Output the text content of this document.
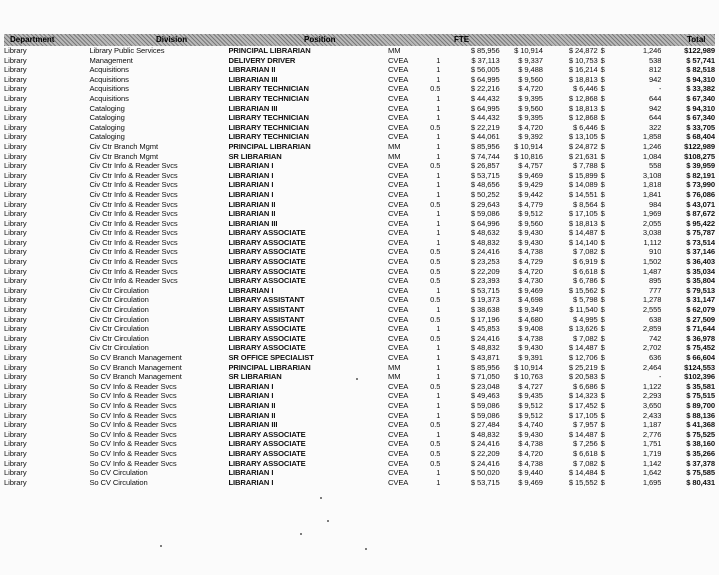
Department	Division	Position	FTE	Total
Library	Library Public Services	PRINCIPAL LIBRARIAN	MM			$ 85,956	$ 10,914	$ 24,872	$	1,246	$122,989
Library	Management	DELIVERY DRIVER	CVEA	1		$ 37,113	$ 9,337	$ 10,753	$	538	$ 57,741
Library	Acquisitions	LIBRARIAN II	CVEA	1		$ 56,005	$ 9,488	$ 16,214	$	812	$ 82,518
Library	Acquisitions	LIBRARIAN III	CVEA	1		$ 64,995	$ 9,560	$ 18,813	$	942	$ 94,310
Library	Acquisitions	LIBRARY TECHNICIAN	CVEA	0.5		$ 22,216	$ 4,720	$ 6,446	$	-	$ 33,382
Library	Acquisitions	LIBRARY TECHNICIAN	CVEA	1		$ 44,432	$ 9,395	$ 12,868	$	644	$ 67,340
Library	Cataloging	LIBRARIAN III	CVEA	1		$ 64,995	$ 9,560	$ 18,813	$	942	$ 94,310
Library	Cataloging	LIBRARY TECHNICIAN	CVEA	1		$ 44,432	$ 9,395	$ 12,868	$	644	$ 67,340
Library	Cataloging	LIBRARY TECHNICIAN	CVEA	0.5		$ 22,219	$ 4,720	$ 6,446	$	322	$ 33,705
Library	Cataloging	LIBRARY TECHNICIAN	CVEA	1		$ 44,061	$ 9,392	$ 13,105	$	1,858	$ 68,404
Library	Civ Ctr Branch Mgmt	PRINCIPAL LIBRARIAN	MM	1		$ 85,956	$ 10,914	$ 24,872	$	1,246	$122,989
Library	Civ Ctr Branch Mgmt	SR LIBRARIAN	MM	1		$ 74,744	$ 10,816	$ 21,631	$	1,084	$108,275
Library	Civ Ctr Info & Reader Svcs	LIBRARIAN I	CVEA	0.5		$ 26,857	$ 4,757	$ 7,788	$	558	$ 39,959
Library	Civ Ctr Info & Reader Svcs	LIBRARIAN I	CVEA	1		$ 53,715	$ 9,469	$ 15,899	$	3,108	$ 82,191
Library	Civ Ctr Info & Reader Svcs	LIBRARIAN I	CVEA	1		$ 48,656	$ 9,429	$ 14,089	$	1,818	$ 73,990
Library	Civ Ctr Info & Reader Svcs	LIBRARIAN I	CVEA	1		$ 50,252	$ 9,442	$ 14,551	$	1,841	$ 76,086
Library	Civ Ctr Info & Reader Svcs	LIBRARIAN II	CVEA	0.5		$ 29,643	$ 4,779	$ 8,564	$	984	$ 43,071
Library	Civ Ctr Info & Reader Svcs	LIBRARIAN II	CVEA	1		$ 59,086	$ 9,512	$ 17,105	$	1,969	$ 87,672
Library	Civ Ctr Info & Reader Svcs	LIBRARIAN III	CVEA	1		$ 64,996	$ 9,560	$ 18,813	$	2,055	$ 95,422
Library	Civ Ctr Info & Reader Svcs	LIBRARY ASSOCIATE	CVEA	1		$ 48,632	$ 9,430	$ 14,487	$	3,038	$ 75,787
Library	Civ Ctr Info & Reader Svcs	LIBRARY ASSOCIATE	CVEA	1		$ 48,832	$ 9,430	$ 14,140	$	1,112	$ 73,514
Library	Civ Ctr Info & Reader Svcs	LIBRARY ASSOCIATE	CVEA	0.5		$ 24,416	$ 4,738	$ 7,082	$	910	$ 37,146
Library	Civ Ctr Info & Reader Svcs	LIBRARY ASSOCIATE	CVEA	0.5		$ 23,253	$ 4,729	$ 6,919	$	1,502	$ 36,403
Library	Civ Ctr Info & Reader Svcs	LIBRARY ASSOCIATE	CVEA	0.5		$ 22,209	$ 4,720	$ 6,618	$	1,487	$ 35,034
Library	Civ Ctr Info & Reader Svcs	LIBRARY ASSOCIATE	CVEA	0.5		$ 23,393	$ 4,730	$ 6,786	$	895	$ 35,804
Library	Civ Ctr Circulation	LIBRARIAN I	CVEA	1		$ 53,715	$ 9,469	$ 15,562	$	777	$ 79,513
Library	Civ Ctr Circulation	LIBRARY ASSISTANT	CVEA	0.5		$ 19,373	$ 4,698	$ 5,798	$	1,278	$ 31,147
Library	Civ Ctr Circulation	LIBRARY ASSISTANT	CVEA	1		$ 38,638	$ 9,349	$ 11,540	$	2,555	$ 62,079
Library	Civ Ctr Circulation	LIBRARY ASSISTANT	CVEA	0.5		$ 17,196	$ 4,680	$ 4,995	$	638	$ 27,509
Library	Civ Ctr Circulation	LIBRARY ASSOCIATE	CVEA	1		$ 45,853	$ 9,408	$ 13,626	$	2,859	$ 71,644
Library	Civ Ctr Circulation	LIBRARY ASSOCIATE	CVEA	0.5		$ 24,416	$ 4,738	$ 7,082	$	742	$ 36,978
Library	Civ Ctr Circulation	LIBRARY ASSOCIATE	CVEA	1		$ 48,832	$ 9,430	$ 14,487	$	2,702	$ 75,452
Library	So CV Branch Management	SR OFFICE SPECIALIST	CVEA	1		$ 43,871	$ 9,391	$ 12,706	$	636	$ 66,604
Library	So CV Branch Management	PRINCIPAL LIBRARIAN	MM	1		$ 85,956	$ 10,914	$ 25,219	$	2,464	$124,553
Library	So CV Branch Management	SR LIBRARIAN	MM	1		$ 71,050	$ 10,763	$ 20,583	$	-	$102,396
Library	So CV Info & Reader Svcs	LIBRARIAN I	CVEA	0.5		$ 23,048	$ 4,727	$ 6,686	$	1,122	$ 35,581
Library	So CV Info & Reader Svcs	LIBRARIAN I	CVEA	1		$ 49,463	$ 9,435	$ 14,323	$	2,293	$ 75,515
Library	So CV Info & Reader Svcs	LIBRARIAN II	CVEA	1		$ 59,086	$ 9,512	$ 17,452	$	3,650	$ 89,700
Library	So CV Info & Reader Svcs	LIBRARIAN II	CVEA	1		$ 59,086	$ 9,512	$ 17,105	$	2,433	$ 88,136
Library	So CV Info & Reader Svcs	LIBRARIAN III	CVEA	0.5		$ 27,484	$ 4,740	$ 7,957	$	1,187	$ 41,368
Library	So CV Info & Reader Svcs	LIBRARY ASSOCIATE	CVEA	1		$ 48,832	$ 9,430	$ 14,487	$	2,776	$ 75,525
Library	So CV Info & Reader Svcs	LIBRARY ASSOCIATE	CVEA	0.5		$ 24,416	$ 4,738	$ 7,256	$	1,751	$ 38,160
Library	So CV Info & Reader Svcs	LIBRARY ASSOCIATE	CVEA	0.5		$ 22,209	$ 4,720	$ 6,618	$	1,719	$ 35,266
Library	So CV Info & Reader Svcs	LIBRARY ASSOCIATE	CVEA	0.5		$ 24,416	$ 4,738	$ 7,082	$	1,142	$ 37,378
Library	So CV Circulation	LIBRARIAN I	CVEA	1		$ 50,020	$ 9,440	$ 14,484	$	1,642	$ 75,585
Library	So CV Circulation	LIBRARIAN I	CVEA	1		$ 53,715	$ 9,469	$ 15,552	$	1,695	$ 80,431
